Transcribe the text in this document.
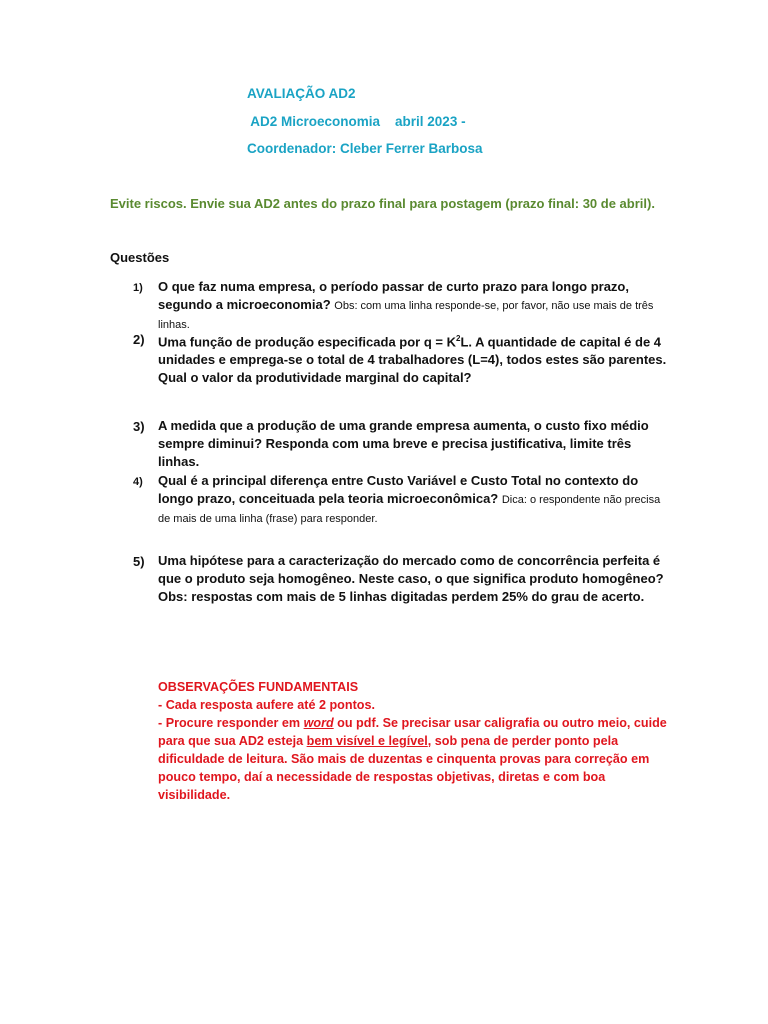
AVALIAÇÃO AD2
AD2 Microeconomia    abril 2023 -
Coordenador: Cleber Ferrer Barbosa
Evite riscos. Envie sua AD2 antes do prazo final para postagem (prazo final: 30 de abril).
Questões
1) O que faz numa empresa, o período passar de curto prazo para longo prazo, segundo a microeconomia? Obs: com uma linha responde-se, por favor, não use mais de três linhas.
2) Uma função de produção especificada por $q = K^2L$. A quantidade de capital é de 4 unidades e emprega-se o total de 4 trabalhadores (L=4), todos estes são parentes. Qual o valor da produtividade marginal do capital?
3) A medida que a produção de uma grande empresa aumenta, o custo fixo médio sempre diminui? Responda com uma breve e precisa justificativa, limite três linhas.
4) Qual é a principal diferença entre Custo Variável e Custo Total no contexto do longo prazo, conceituada pela teoria microeconômica? Dica: o respondente não precisa de mais de uma linha (frase) para responder.
5) Uma hipótese para a caracterização do mercado como de concorrência perfeita é que o produto seja homogêneo. Neste caso, o que significa produto homogêneo? Obs: respostas com mais de 5 linhas digitadas perdem 25% do grau de acerto.
OBSERVAÇÕES FUNDAMENTAIS
- Cada resposta aufere até 2 pontos.
- Procure responder em word ou pdf. Se precisar usar caligrafia ou outro meio, cuide para que sua AD2 esteja bem visível e legível, sob pena de perder ponto pela dificuldade de leitura. São mais de duzentas e cinquenta provas para correção em pouco tempo, daí a necessidade de respostas objetivas, diretas e com boa visibilidade.
